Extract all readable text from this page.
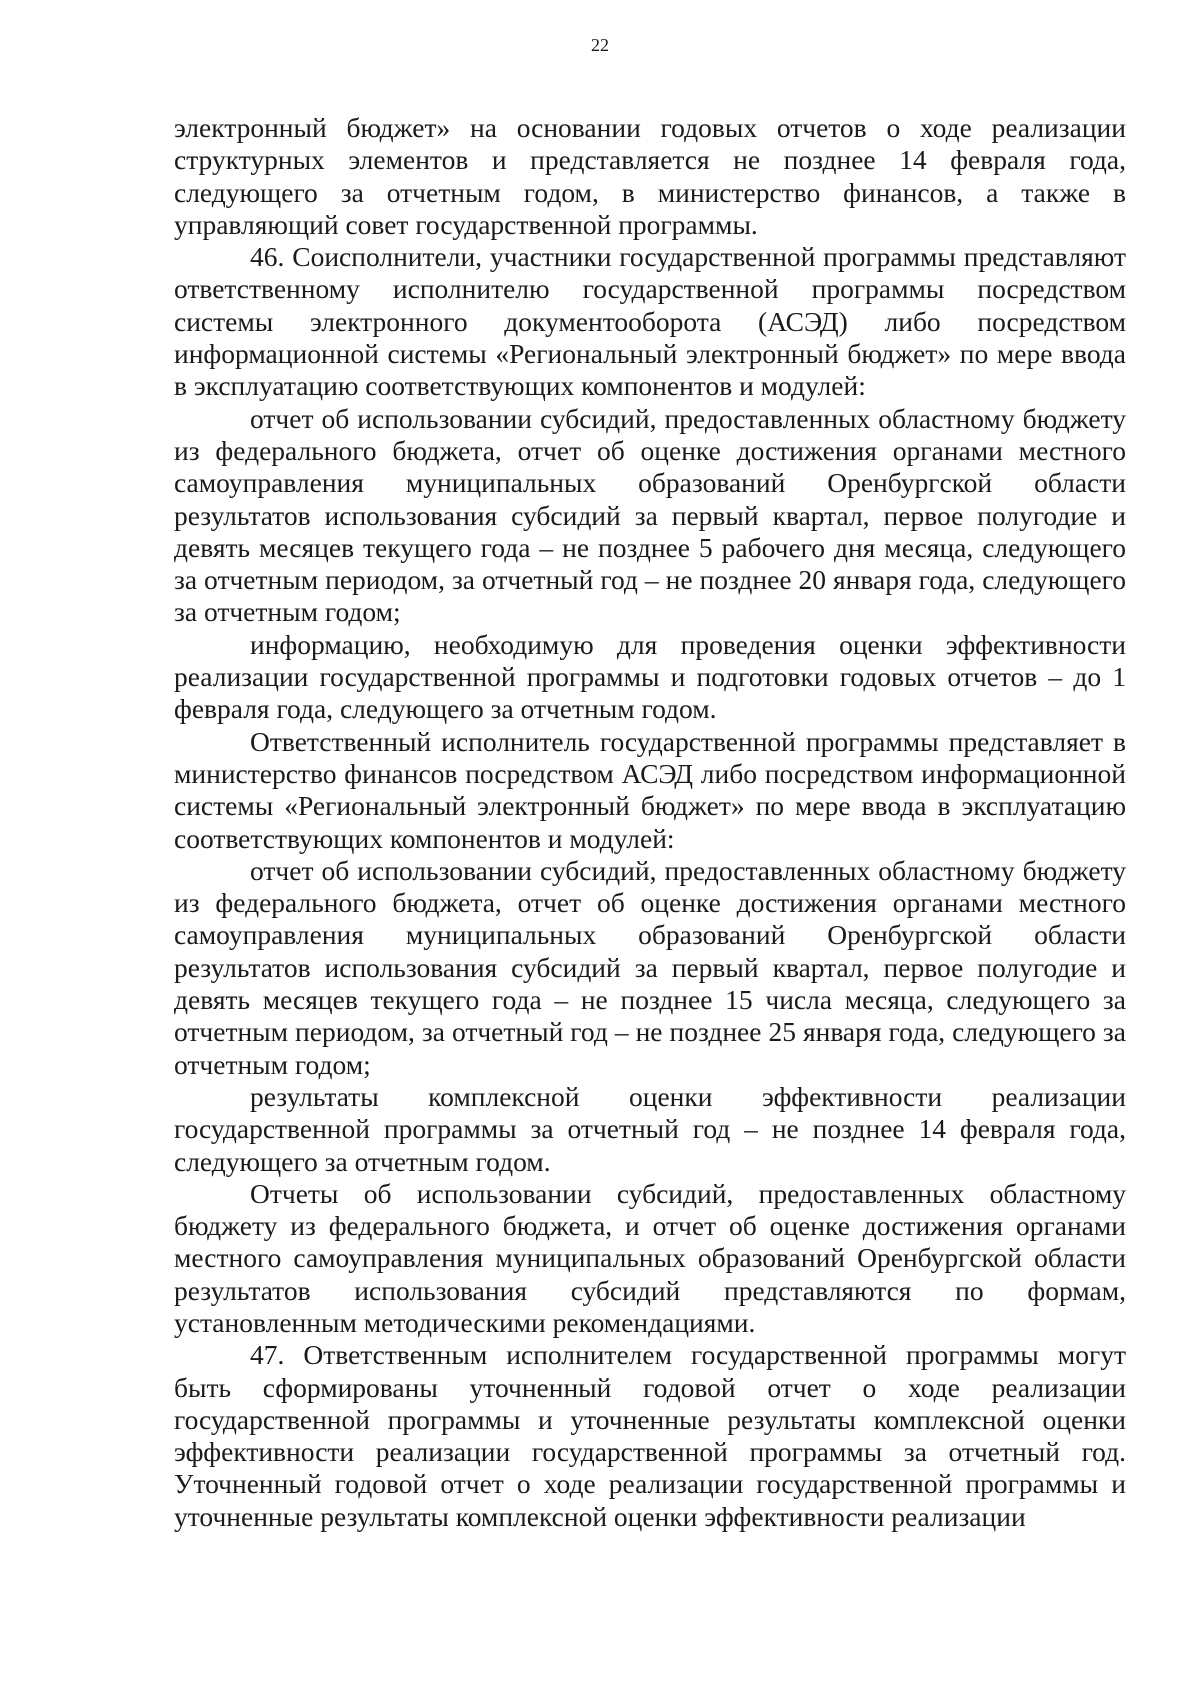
22

электронный бюджет» на основании годовых отчетов о ходе реализации структурных элементов и представляется не позднее 14 февраля года, следующего за отчетным годом, в министерство финансов, а также в управляющий совет государственной программы.

46. Соисполнители, участники государственной программы представляют ответственному исполнителю государственной программы посредством системы электронного документооборота (АСЭД) либо посредством информационной системы «Региональный электронный бюджет» по мере ввода в эксплуатацию соответствующих компонентов и модулей:

отчет об использовании субсидий, предоставленных областному бюджету из федерального бюджета, отчет об оценке достижения органами местного самоуправления муниципальных образований Оренбургской области результатов использования субсидий за первый квартал, первое полугодие и девять месяцев текущего года – не позднее 5 рабочего дня месяца, следующего за отчетным периодом, за отчетный год – не позднее 20 января года, следующего за отчетным годом;

информацию, необходимую для проведения оценки эффективности реализации государственной программы и подготовки годовых отчетов – до 1 февраля года, следующего за отчетным годом.

Ответственный исполнитель государственной программы представляет в министерство финансов посредством АСЭД либо посредством информационной системы «Региональный электронный бюджет» по мере ввода в эксплуатацию соответствующих компонентов и модулей:

отчет об использовании субсидий, предоставленных областному бюджету из федерального бюджета, отчет об оценке достижения органами местного самоуправления муниципальных образований Оренбургской области результатов использования субсидий за первый квартал, первое полугодие и девять месяцев текущего года – не позднее 15 числа месяца, следующего за отчетным периодом, за отчетный год – не позднее 25 января года, следующего за отчетным годом;

результаты комплексной оценки эффективности реализации государственной программы за отчетный год – не позднее 14 февраля года, следующего за отчетным годом.

Отчеты об использовании субсидий, предоставленных областному бюджету из федерального бюджета, и отчет об оценке достижения органами местного самоуправления муниципальных образований Оренбургской области результатов использования субсидий представляются по формам, установленным методическими рекомендациями.

47. Ответственным исполнителем государственной программы могут быть сформированы уточненный годовой отчет о ходе реализации государственной программы и уточненные результаты комплексной оценки эффективности реализации государственной программы за отчетный год. Уточненный годовой отчет о ходе реализации государственной программы и уточненные результаты комплексной оценки эффективности реализации
